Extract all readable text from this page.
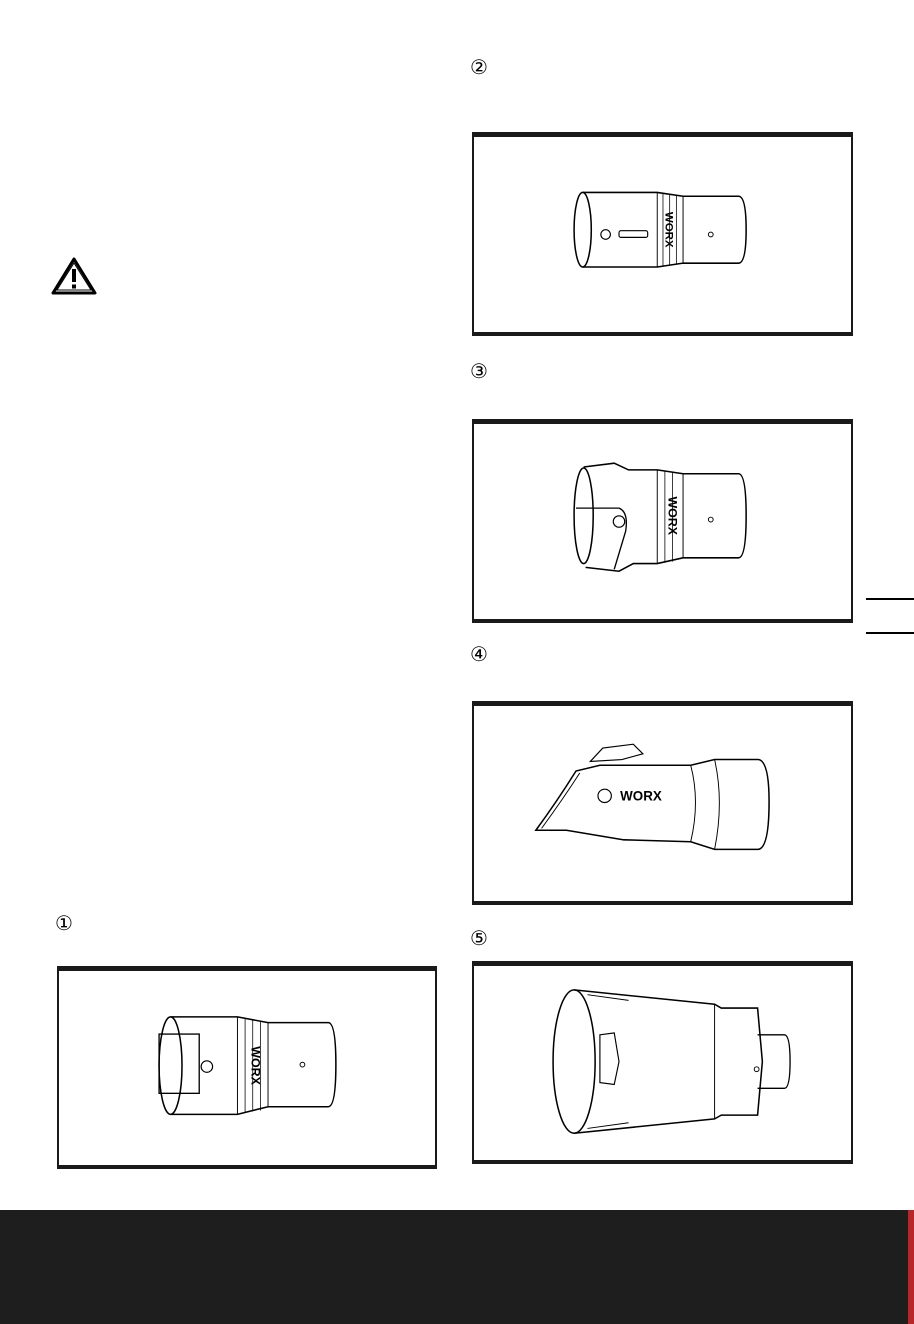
②
③
④
①
⑤
WORX
WORX
WORX
WORX
